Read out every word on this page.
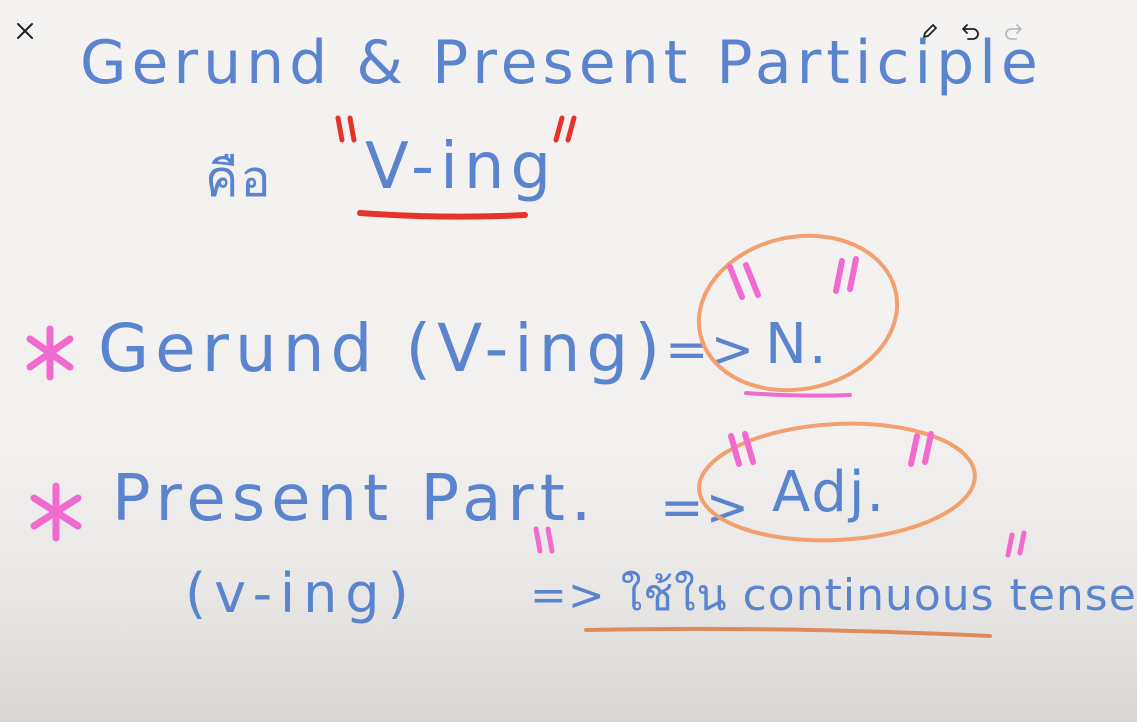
Gerund & Present Participle
คือ V-ing
Gerund (V-ing)
=> N.
Present Part. => Adj.
(v-ing)	=> ใช้ใน continuous tense
